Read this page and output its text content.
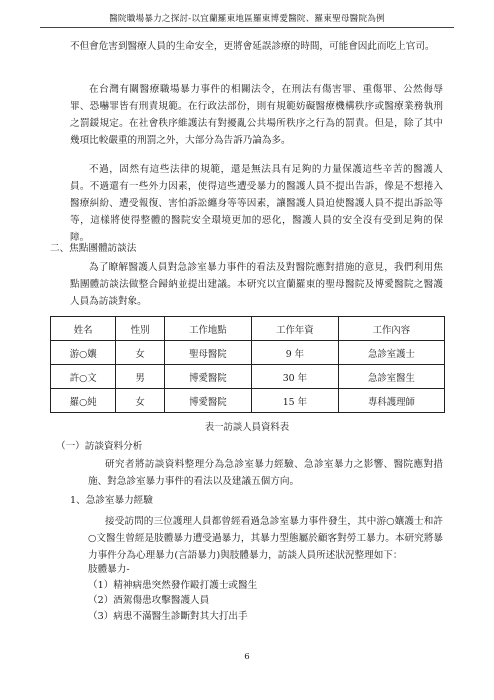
醫院職場暴力之探討-以宜蘭羅東地區羅東博愛醫院、羅東聖母醫院為例

不但會危害到醫療人員的生命安全，更將會延誤診療的時間，可能會因此而吃上官司。

在台灣有關醫療職場暴力事件的相關法令，在刑法有傷害罪、重傷罪、公然侮辱罪、恐嚇罪皆有刑責規範。在行政法部份，則有規範妨礙醫療機構秩序或醫療業務執刑之罰鍰規定。在社會秩序維護法有對擾亂公共場所秩序之行為的罰責。但是，除了其中幾項比較嚴重的刑罰之外，大部分為告訴乃論為多。

不過，固然有這些法律的規範，還是無法具有足夠的力量保護這些辛苦的醫護人員。不過還有一些外力因素，使得這些遭受暴力的醫護人員不提出告訴，像是不想捲入醫療糾紛、遭受報復、害怕訴訟纏身等等因素，讓醫護人員迫使醫護人員不提出訴訟等等，這樣將使得整體的醫院安全環境更加的惡化，醫護人員的安全沒有受到足夠的保障。

二、焦點團體訪談法

為了瞭解醫護人員對急診室暴力事件的看法及對醫院應對措施的意見，我們利用焦點團體訪談法做整合歸納並提出建議。本研究以宜蘭羅東的聖母醫院及博愛醫院之醫護人員為訪談對象。

姓名	性別	工作地點	工作年資	工作內容
游○孃	女	聖母醫院	9 年	急診室護士
許○文	男	博愛醫院	30 年	急診室醫生
羅○純	女	博愛醫院	15 年	專科護理師
表一訪談人員資料表
（一）訪談資料分析

研究者將訪談資料整理分為急診室暴力經驗、急診室暴力之影響、醫院應對措施、對急診室暴力事件的看法以及建議五個方向。

1、急診室暴力經驗

接受訪問的三位護理人員都曾經看過急診室暴力事件發生，其中游○孃護士和許○文醫生曾經是肢體暴力遭受過暴力，其暴力型態屬於顧客對勞工暴力。本研究將暴力事件分為心理暴力(言語暴力)與肢體暴力，訪談人員所述狀況整理如下：

肢體暴力-
（1）精神病患突然發作毆打護士或醫生
（2）酒駕傷患攻擊醫護人員
（3）病患不滿醫生診斷對其大打出手
6
